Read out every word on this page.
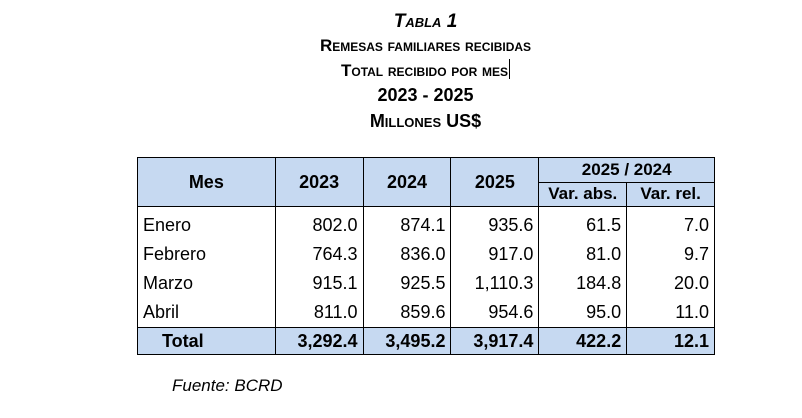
Tabla 1
Remesas familiares recibidas
Total recibido por mes
2023 - 2025
Millones US$
Mes	2023	2024	2025	2025 / 2024	
				Var. abs.	Var. rel.
Enero	802.0	874.1	935.6	61.5	7.0
Febrero	764.3	836.0	917.0	81.0	9.7
Marzo	915.1	925.5	1,110.3	184.8	20.0
Abril	811.0	859.6	954.6	95.0	11.0
Total	3,292.4	3,495.2	3,917.4	422.2	12.1
Fuente: BCRD
